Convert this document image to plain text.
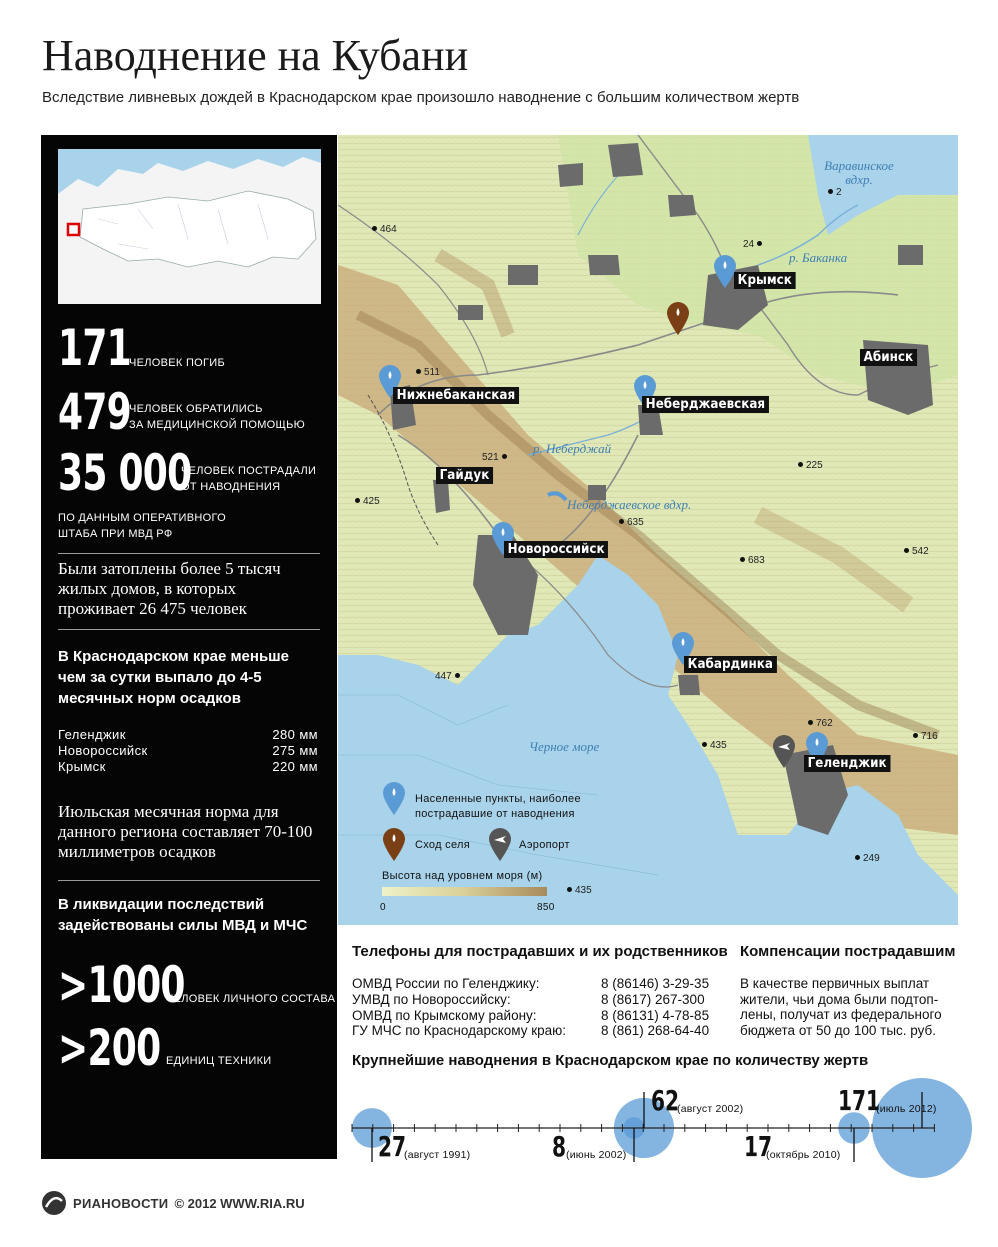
Наводнение на Кубани
Вследствие ливневых дождей в Краснодарском крае произошло наводнение с большим количеством жертв
171
ЧЕЛОВЕК ПОГИБ
479
ЧЕЛОВЕК ОБРАТИЛИСЬ
ЗА МЕДИЦИНСКОЙ ПОМОЩЬЮ
35 000
ЧЕЛОВЕК ПОСТРАДАЛИ
ОТ НАВОДНЕНИЯ
ПО ДАННЫМ ОПЕРАТИВНОГО
ШТАБА ПРИ МВД РФ
Были затоплены более 5 тысяч жилых домов, в которых проживает 26 475 человек
В Краснодарском крае меньше чем за сутки выпало до 4-5 месячных норм осадков
Геленджик	280 мм
Новороссийск	275 мм
Крымск	220 мм
Июльская месячная норма для данного региона составляет 70-100 миллиметров осадков
В ликвидации последствий задействованы силы МВД и МЧС
>1000
ЧЕЛОВЕК ЛИЧНОГО СОСТАВА
>200 ЕДИНИЦ ТЕХНИКИ
Крымск
Абинск
Нижнебаканская
Неберджаевская
Гайдук
Новороссийск
Кабардинка
Геленджик
464
2
24
511
521
425
225
635
683
542
447
762
716
435
249
435
Варавинское вдхр.
р. Баканка
р. Неберджай
Неберджаевское вдхр.
Черное море
Населенные пункты, наиболее пострадавшие от наводнения
Сход селя	Аэропорт
Высота над уровнем моря (м)
0	850
Телефоны для пострадавших и их родственников
ОМВД России по Геленджику:	8 (86146) 3-29-35
УМВД по Новороссийску:	8 (8617) 267-300
ОМВД по Крымскому району:	8 (86131) 4-78-85
ГУ МЧС по Краснодарскому краю:	8 (861) 268-64-40
Компенсации пострадавшим
В качестве первичных выплат жители, чьи дома были подтоп-лены, получат из федерального бюджета от 50 до 100 тыс. руб.
Крупнейшие наводнения в Краснодарском крае по количеству жертв
27
(август 1991)	8 (июнь 2002)
62
(август 2002)
17
(октябрь 2010)
171
(июль 2012)
РИАНОВОСТИ © 2012 WWW.RIA.RU
